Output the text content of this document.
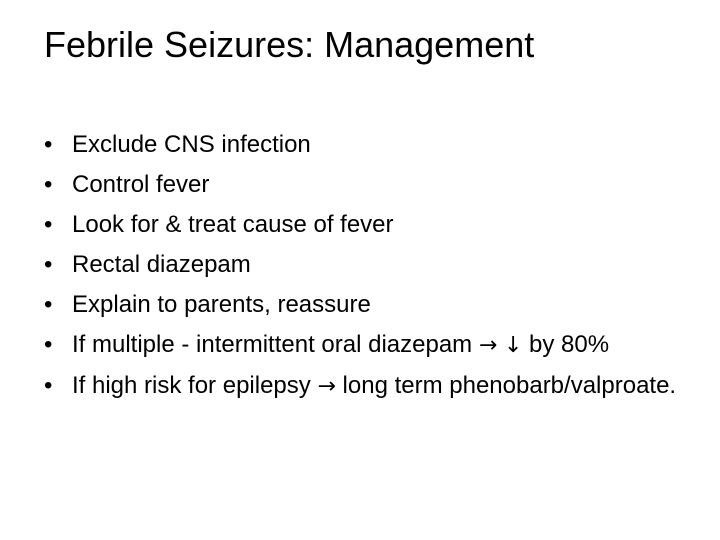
Febrile Seizures: Management
• Exclude CNS infection
• Control fever
• Look for & treat cause of fever
• Rectal diazepam
• Explain to parents, reassure
• If multiple - intermittent oral diazepam → ↓ by 80%
• If high risk for epilepsy → long term phenobarb/valproate.
